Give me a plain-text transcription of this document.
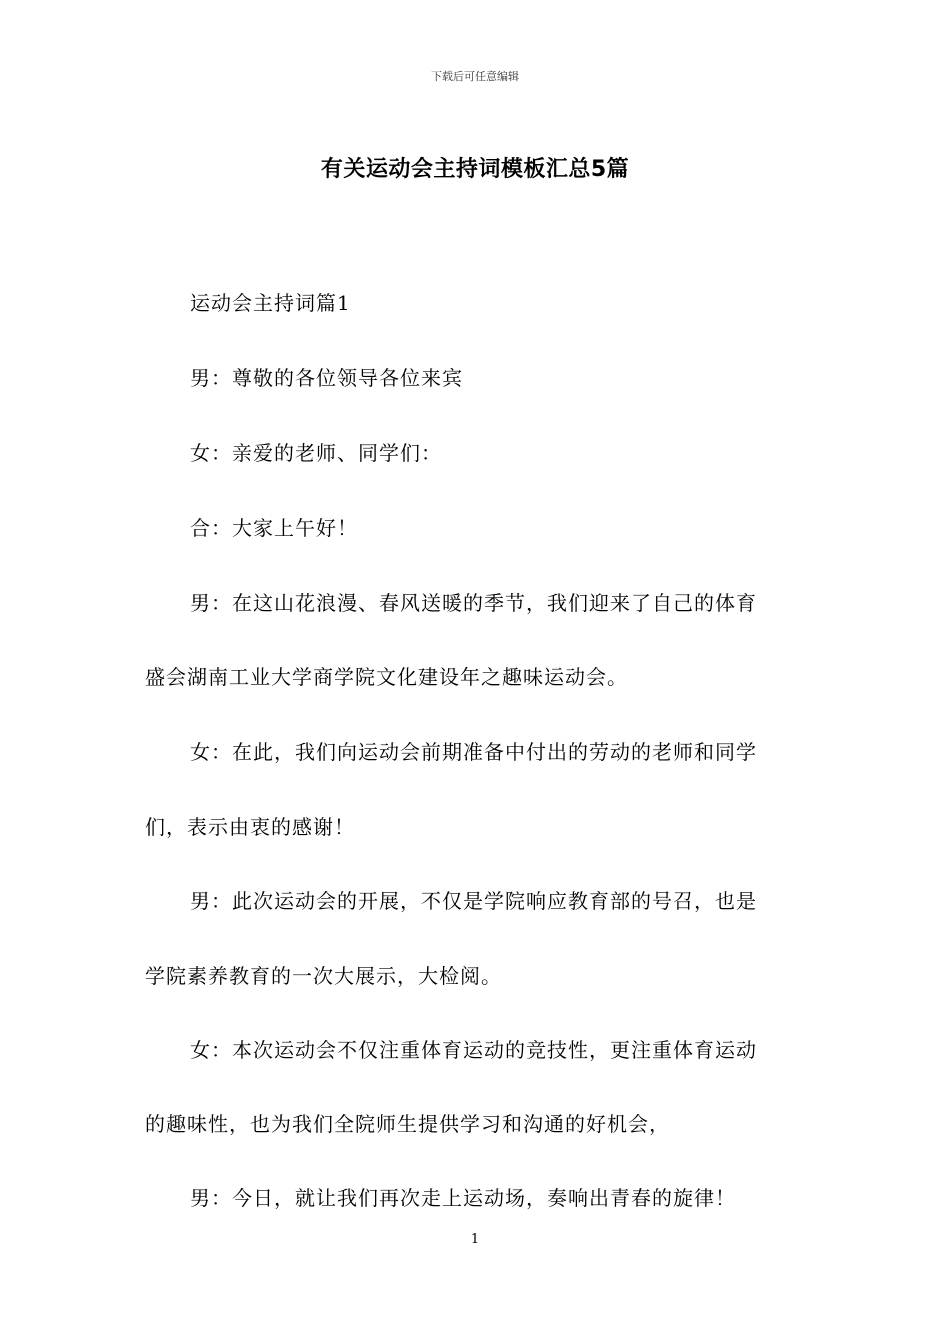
下载后可任意编辑
有关运动会主持词模板汇总5篇
运动会主持词篇1
男：尊敬的各位领导各位来宾
女：亲爱的老师、同学们：
合：大家上午好！
男：在这山花浪漫、春风送暖的季节，我们迎来了自己的体育
盛会湖南工业大学商学院文化建设年之趣味运动会。
女：在此，我们向运动会前期准备中付出的劳动的老师和同学
们，表示由衷的感谢！
男：此次运动会的开展，不仅是学院响应教育部的号召，也是
学院素养教育的一次大展示，大检阅。
女：本次运动会不仅注重体育运动的竞技性，更注重体育运动
的趣味性，也为我们全院师生提供学习和沟通的好机会，
男：今日，就让我们再次走上运动场，奏响出青春的旋律！
1
